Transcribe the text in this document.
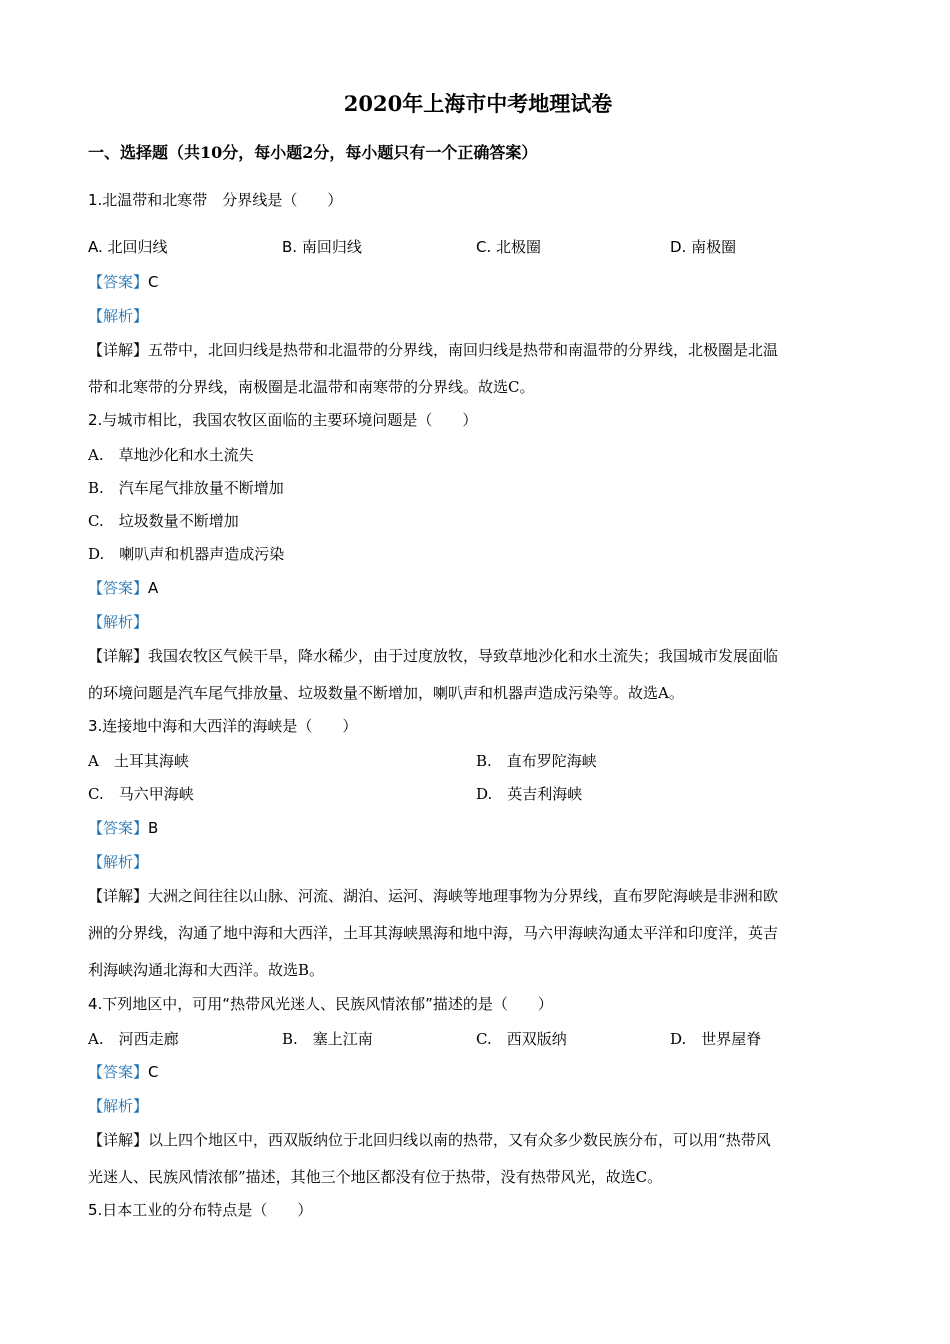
2020年上海市中考地理试卷
一、选择题（共10分，每小题2分，每小题只有一个正确答案）
1.北温带和北寒带　分界线是（　　）
A. 北回归线	B. 南回归线	C. 北极圈	D. 南极圈
【答案】C
【解析】
【详解】五带中，北回归线是热带和北温带的分界线，南回归线是热带和南温带的分界线，北极圈是北温
带和北寒带的分界线，南极圈是北温带和南寒带的分界线。故选C。
2.与城市相比，我国农牧区面临的主要环境问题是（　　）
A.　草地沙化和水土流失
B.　汽车尾气排放量不断增加
C.　垃圾数量不断增加
D.　喇叭声和机器声造成污染
【答案】A
【解析】
【详解】我国农牧区气候干旱，降水稀少，由于过度放牧，导致草地沙化和水土流失；我国城市发展面临
的环境问题是汽车尾气排放量、垃圾数量不断增加，喇叭声和机器声造成污染等。故选A。
3.连接地中海和大西洋的海峡是（　　）
A　土耳其海峡	B.　直布罗陀海峡
C.　马六甲海峡	D.　英吉利海峡
【答案】B
【解析】
【详解】大洲之间往往以山脉、河流、湖泊、运河、海峡等地理事物为分界线，直布罗陀海峡是非洲和欧
洲的分界线，沟通了地中海和大西洋，土耳其海峡黑海和地中海，马六甲海峡沟通太平洋和印度洋，英吉
利海峡沟通北海和大西洋。故选B。
4.下列地区中，可用“热带风光迷人、民族风情浓郁”描述的是（　　）
A.　河西走廊	B.　塞上江南	C.　西双版纳	D.　世界屋脊
【答案】C
【解析】
【详解】以上四个地区中，西双版纳位于北回归线以南的热带，又有众多少数民族分布，可以用“热带风
光迷人、民族风情浓郁”描述，其他三个地区都没有位于热带，没有热带风光，故选C。
5.日本工业的分布特点是（　　）
